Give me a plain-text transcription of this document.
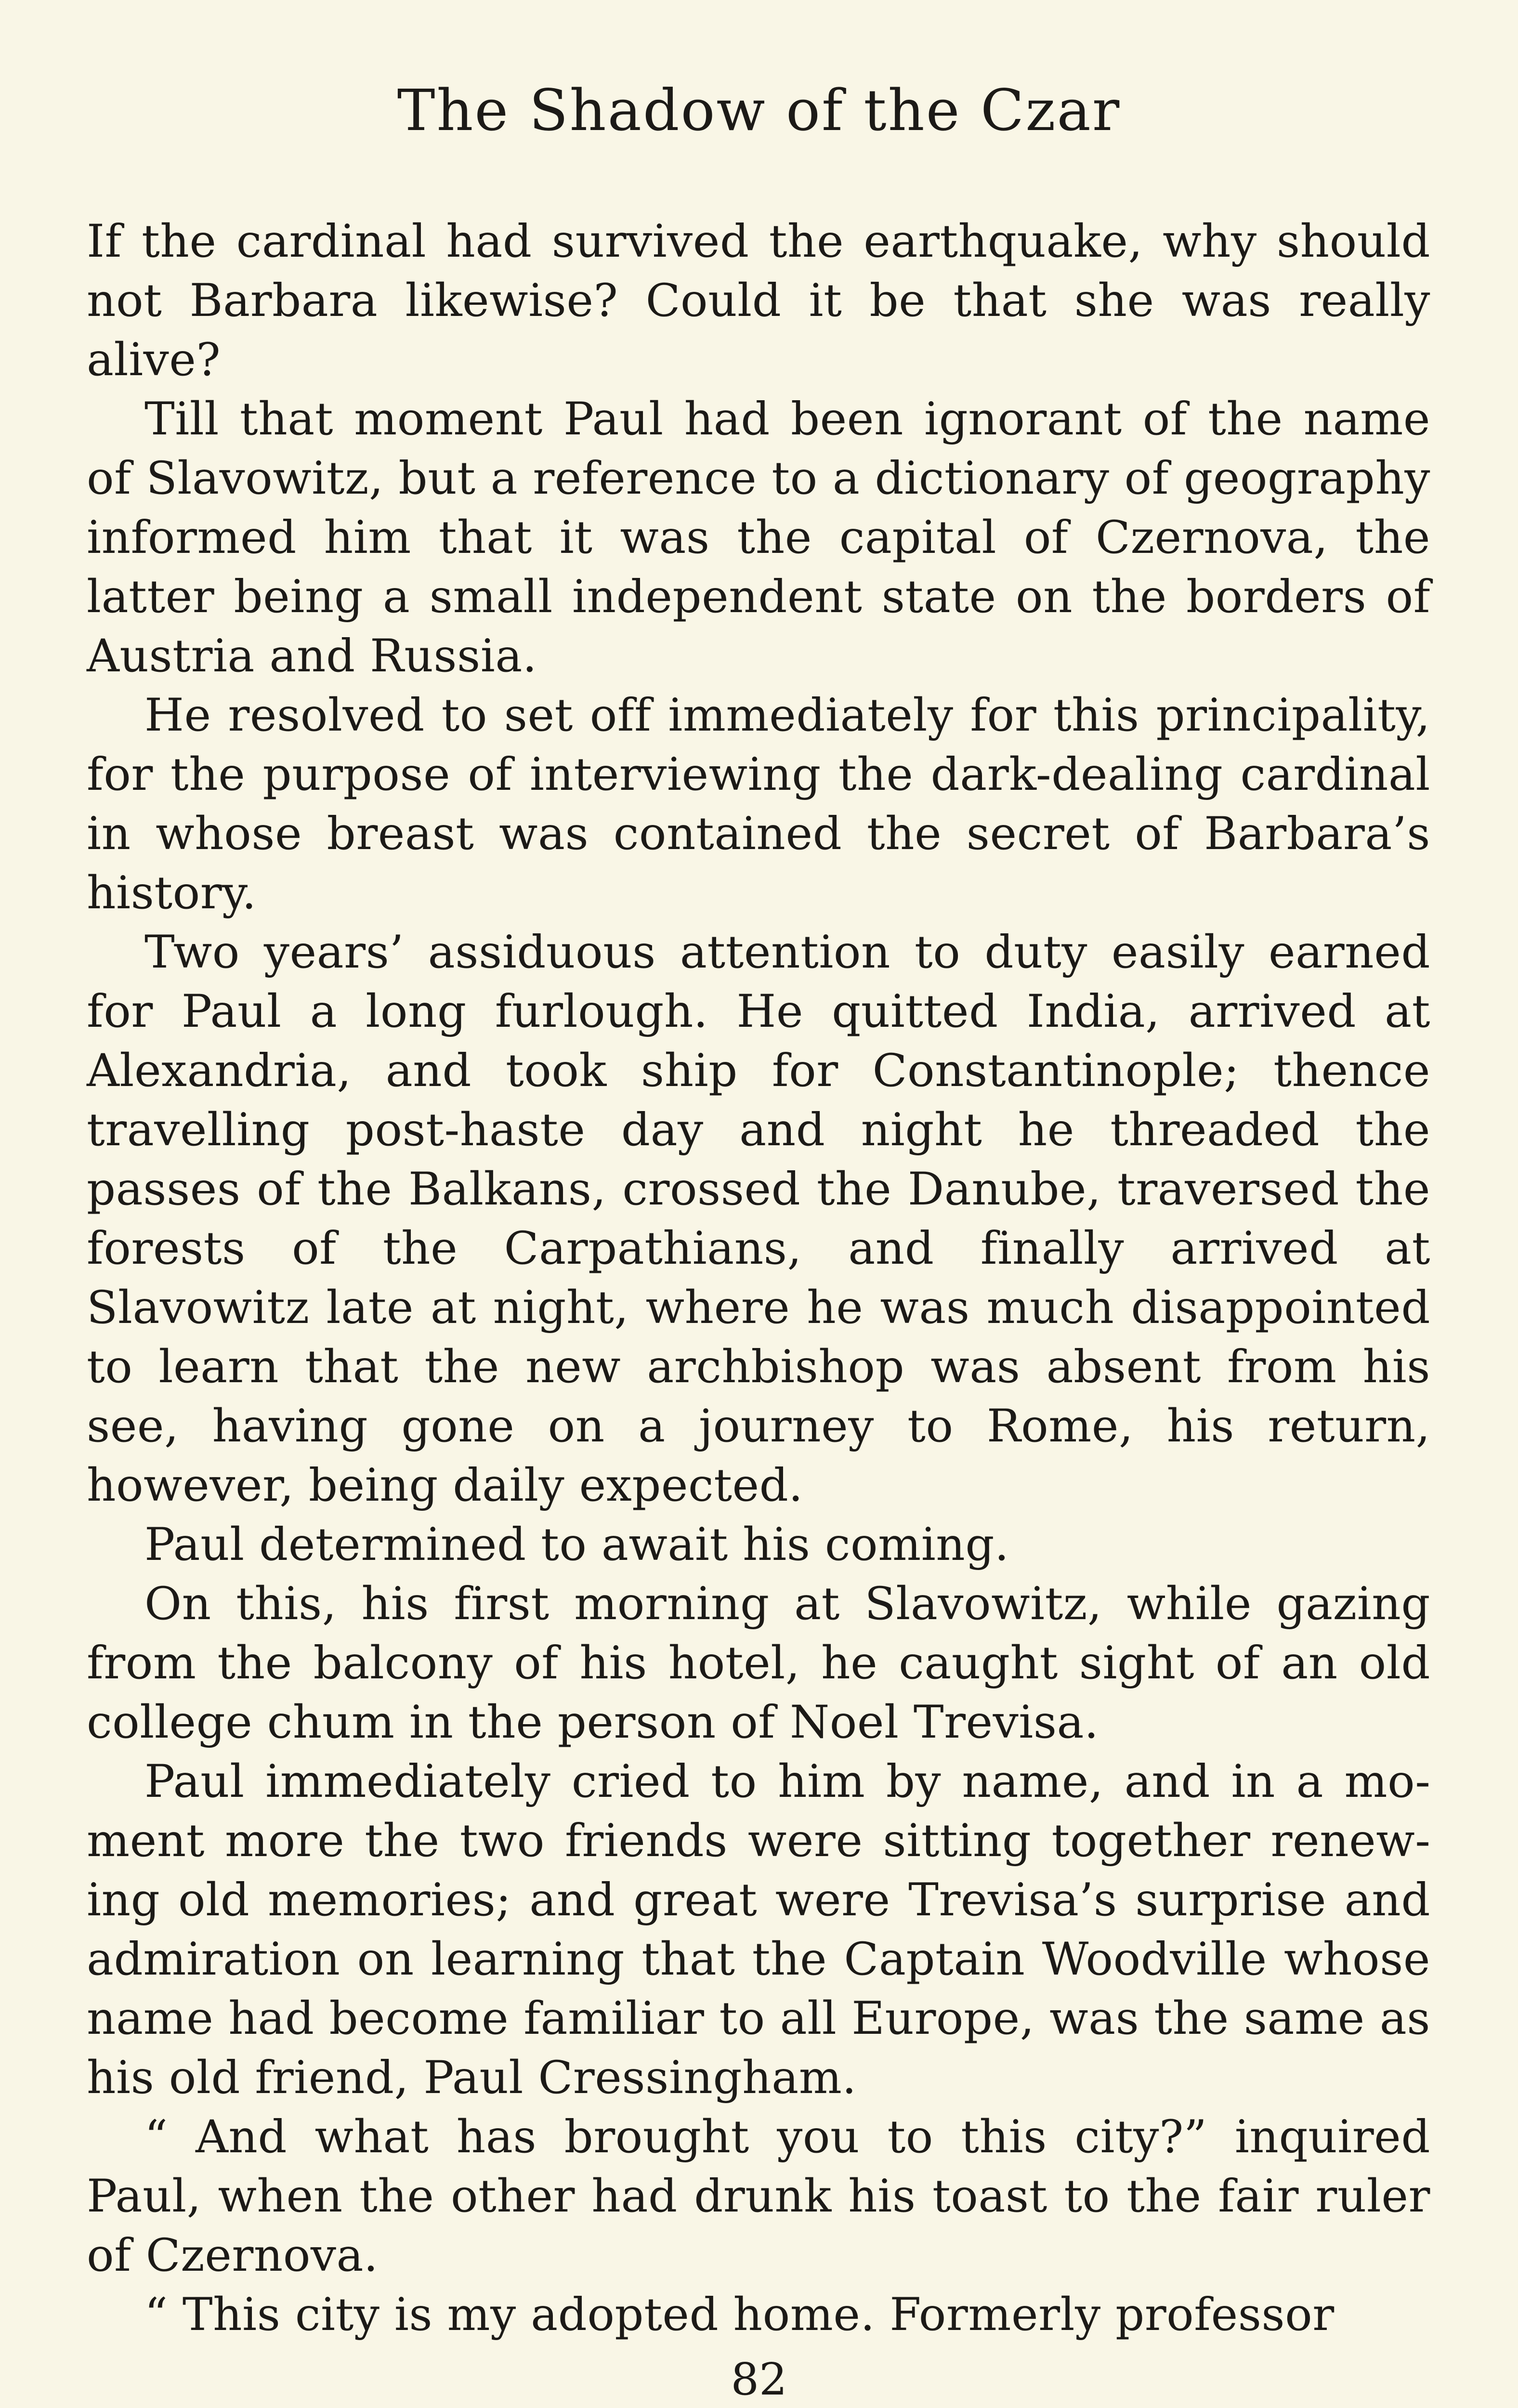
The Shadow of the Czar

If the cardinal had survived the earthquake, why should not Barbara likewise? Could it be that she was really alive?

Till that moment Paul had been ignorant of the name of Slavowitz, but a reference to a dictionary of geography informed him that it was the capital of Czernova, the latter being a small independent state on the borders of Austria and Russia.

He resolved to set off immediately for this principality, for the purpose of interviewing the dark-dealing cardinal in whose breast was contained the secret of Barbara’s history.

Two years’ assiduous attention to duty easily earned for Paul a long furlough. He quitted India, arrived at Alexandria, and took ship for Constantinople; thence travelling post-haste day and night he threaded the passes of the Balkans, crossed the Danube, traversed the forests of the Carpathians, and finally arrived at Slavowitz late at night, where he was much disappointed to learn that the new archbishop was absent from his see, having gone on a journey to Rome, his return, however, being daily expected.

Paul determined to await his coming.

On this, his first morning at Slavowitz, while gazing from the balcony of his hotel, he caught sight of an old college chum in the person of Noel Trevisa.

Paul immediately cried to him by name, and in a moment more the two friends were sitting together renewing old memories; and great were Trevisa’s surprise and admiration on learning that the Captain Woodville whose name had become familiar to all Europe, was the same as his old friend, Paul Cressingham.

“ And what has brought you to this city?” inquired Paul, when the other had drunk his toast to the fair ruler of Czernova.

“ This city is my adopted home. Formerly professor

82
